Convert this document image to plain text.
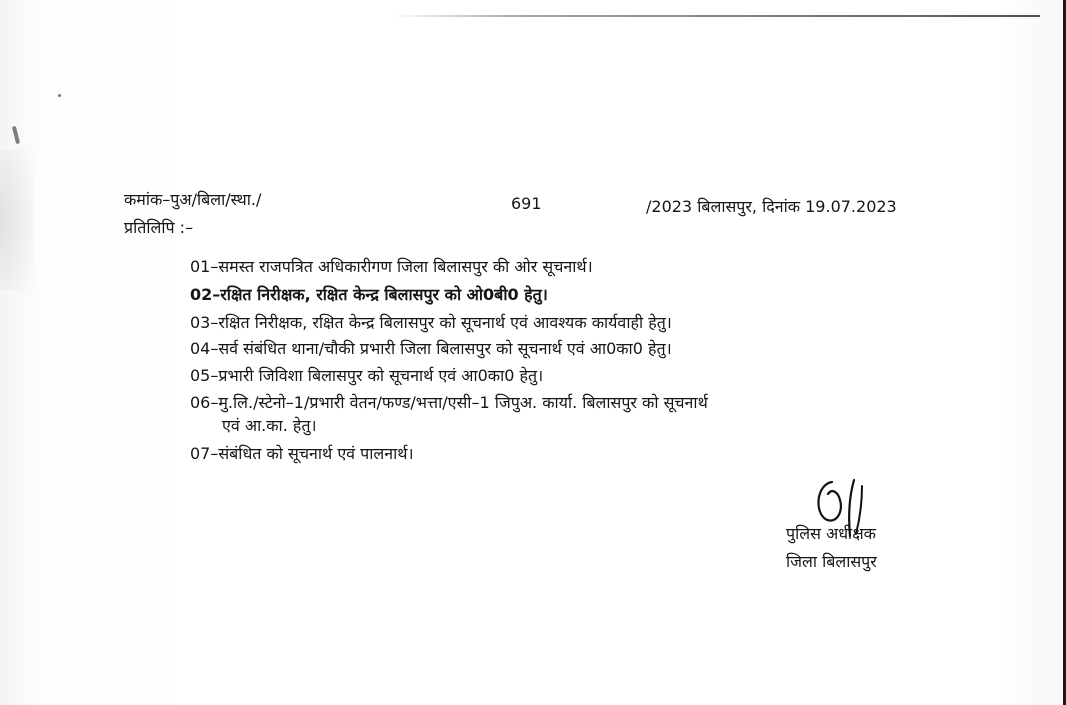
कमांक–पुअ/बिला/स्था./	691	/2023 बिलासपुर, दिनांक 19.07.2023
प्रतिलिपि :–
01–समस्त राजपत्रित अधिकारीगण जिला बिलासपुर की ओर सूचनार्थ।
02–रक्षित निरीक्षक, रक्षित केन्द्र बिलासपुर को ओ0बी0 हेतु।
03–रक्षित निरीक्षक, रक्षित केन्द्र बिलासपुर को सूचनार्थ एवं आवश्यक कार्यवाही हेतु।
04–सर्व संबंधित थाना/चौकी प्रभारी जिला बिलासपुर को सूचनार्थ एवं आ0का0 हेतु।
05–प्रभारी जिविशा बिलासपुर को सूचनार्थ एवं आ0का0 हेतु।
06–मु.लि./स्टेनो–1/प्रभारी वेतन/फण्ड/भत्ता/एसी–1 जिपुअ. कार्या. बिलासपुर को सूचनार्थ
एवं आ.का. हेतु।
07–संबंधित को सूचनार्थ एवं पालनार्थ।
पुलिस अधीक्षक
जिला बिलासपुर
